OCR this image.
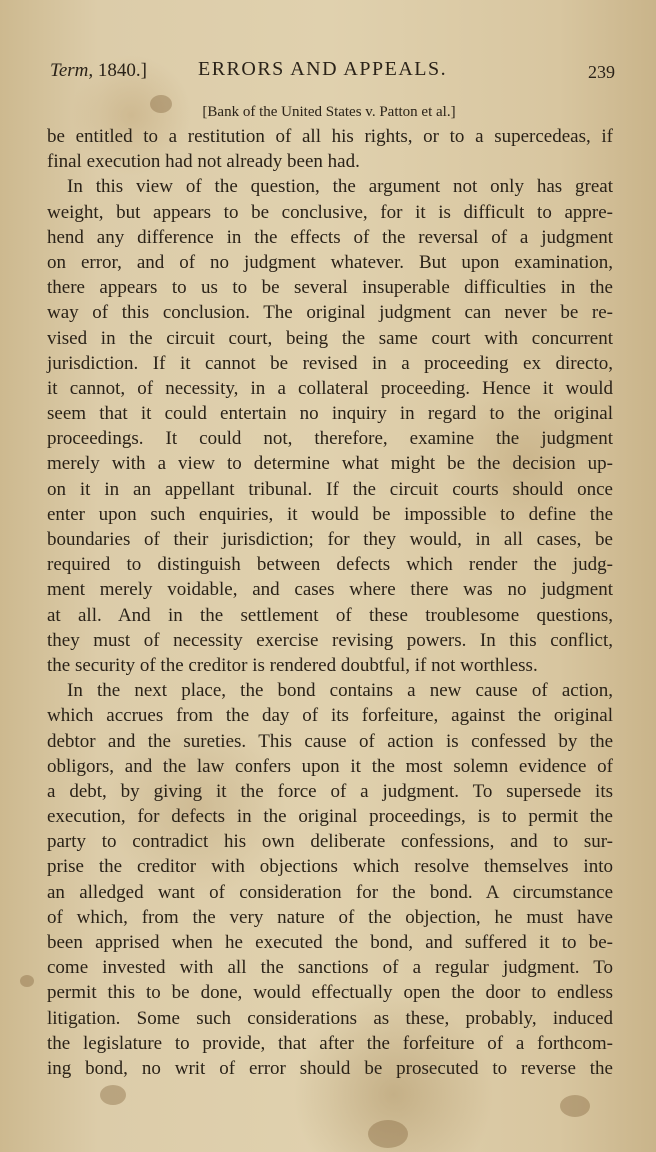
Term, 1840.]	ERRORS AND APPEALS.	239
[Bank of the United States v. Patton et al.]
be entitled to a restitution of all his rights, or to a supercedeas, if
final execution had not already been had.
In this view of the question, the argument not only has great
weight, but appears to be conclusive, for it is difficult to appre-
hend any difference in the effects of the reversal of a judgment
on error, and of no judgment whatever. But upon examination,
there appears to us to be several insuperable difficulties in the
way of this conclusion. The original judgment can never be re-
vised in the circuit court, being the same court with concurrent
jurisdiction. If it cannot be revised in a proceeding ex directo,
it cannot, of necessity, in a collateral proceeding. Hence it would
seem that it could entertain no inquiry in regard to the original
proceedings. It could not, therefore, examine the judgment
merely with a view to determine what might be the decision up-
on it in an appellant tribunal. If the circuit courts should once
enter upon such enquiries, it would be impossible to define the
boundaries of their jurisdiction; for they would, in all cases, be
required to distinguish between defects which render the judg-
ment merely voidable, and cases where there was no judgment
at all. And in the settlement of these troublesome questions,
they must of necessity exercise revising powers. In this conflict,
the security of the creditor is rendered doubtful, if not worthless.
In the next place, the bond contains a new cause of action,
which accrues from the day of its forfeiture, against the original
debtor and the sureties. This cause of action is confessed by the
obligors, and the law confers upon it the most solemn evidence of
a debt, by giving it the force of a judgment. To supersede its
execution, for defects in the original proceedings, is to permit the
party to contradict his own deliberate confessions, and to sur-
prise the creditor with objections which resolve themselves into
an alledged want of consideration for the bond. A circumstance
of which, from the very nature of the objection, he must have
been apprised when he executed the bond, and suffered it to be-
come invested with all the sanctions of a regular judgment. To
permit this to be done, would effectually open the door to endless
litigation. Some such considerations as these, probably, induced
the legislature to provide, that after the forfeiture of a forthcom-
ing bond, no writ of error should be prosecuted to reverse the
